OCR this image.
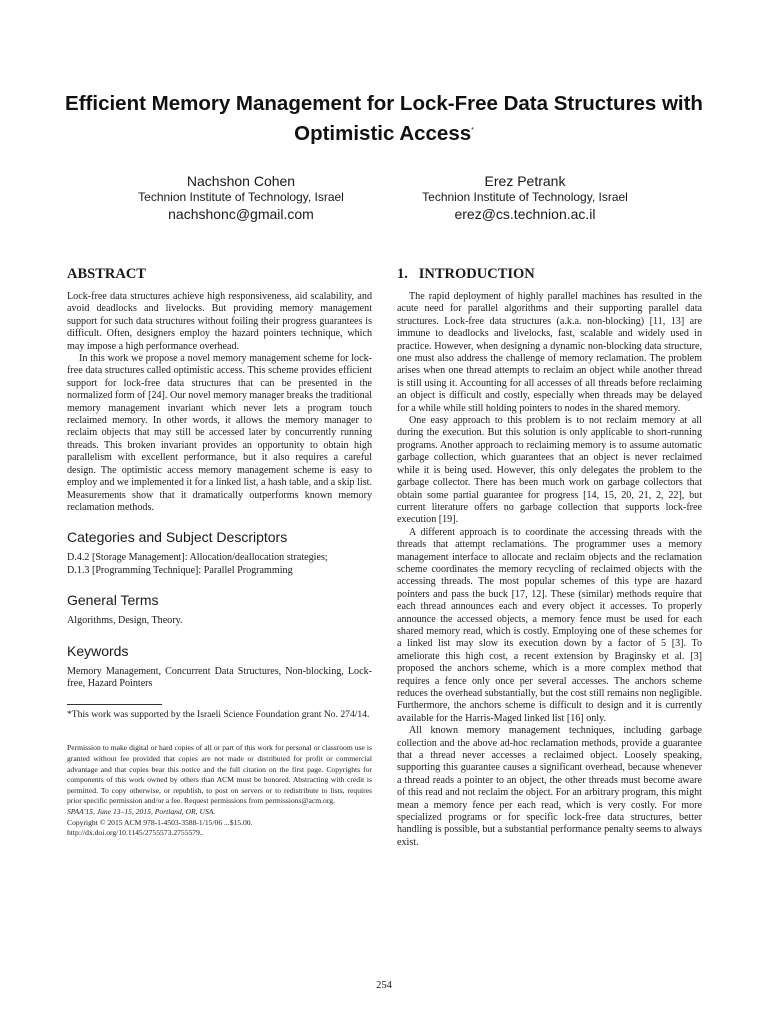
Efficient Memory Management for Lock-Free Data Structures with Optimistic Access*
Nachshon Cohen
Technion Institute of Technology, Israel
nachshonc@gmail.com
Erez Petrank
Technion Institute of Technology, Israel
erez@cs.technion.ac.il
ABSTRACT

Lock-free data structures achieve high responsiveness, aid scalability, and avoid deadlocks and livelocks. But providing memory management support for such data structures without foiling their progress guarantees is difficult. Often, designers employ the hazard pointers technique, which may impose a high performance overhead.

In this work we propose a novel memory management scheme for lock-free data structures called optimistic access. This scheme provides efficient support for lock-free data structures that can be presented in the normalized form of [24]. Our novel memory manager breaks the traditional memory management invariant which never lets a program touch reclaimed memory. In other words, it allows the memory manager to reclaim objects that may still be accessed later by concurrently running threads. This broken invariant provides an opportunity to obtain high parallelism with excellent performance, but it also requires a careful design. The optimistic access memory management scheme is easy to employ and we implemented it for a linked list, a hash table, and a skip list. Measurements show that it dramatically outperforms known memory reclamation methods.

Categories and Subject Descriptors

D.4.2 [Storage Management]: Allocation/deallocation strategies;

D.1.3 [Programming Technique]: Parallel Programming

General Terms

Algorithms, Design, Theory.

Keywords

Memory Management, Concurrent Data Structures, Non-blocking, Lock-free, Hazard Pointers

*This work was supported by the Israeli Science Foundation grant No. 274/14.

Permission to make digital or hard copies of all or part of this work for personal or classroom use is granted without fee provided that copies are not made or distributed for profit or commercial advantage and that copies bear this notice and the full citation on the first page. Copyrights for components of this work owned by others than ACM must be honored. Abstracting with credit is permitted. To copy otherwise, or republish, to post on servers or to redistribute to lists, requires prior specific permission and/or a fee. Request permissions from permissions@acm.org.

SPAA'15, June 13–15, 2015, Portland, OR, USA.

Copyright © 2015 ACM 978-1-4503-3588-1/15/06 ...$15.00.

http://dx.doi.org/10.1145/2755573.2755579..

1.   INTRODUCTION

The rapid deployment of highly parallel machines has resulted in the acute need for parallel algorithms and their supporting parallel data structures. Lock-free data structures (a.k.a. non-blocking) [11, 13] are immune to deadlocks and livelocks, fast, scalable and widely used in practice. However, when designing a dynamic non-blocking data structure, one must also address the challenge of memory reclamation. The problem arises when one thread attempts to reclaim an object while another thread is still using it. Accounting for all accesses of all threads before reclaiming an object is difficult and costly, especially when threads may be delayed for a while while still holding pointers to nodes in the shared memory.

One easy approach to this problem is to not reclaim memory at all during the execution. But this solution is only applicable to short-running programs. Another approach to reclaiming memory is to assume automatic garbage collection, which guarantees that an object is never reclaimed while it is being used. However, this only delegates the problem to the garbage collector. There has been much work on garbage collectors that obtain some partial guarantee for progress [14, 15, 20, 21, 2, 22], but current literature offers no garbage collection that supports lock-free execution [19].

A different approach is to coordinate the accessing threads with the threads that attempt reclamations. The programmer uses a memory management interface to allocate and reclaim objects and the reclamation scheme coordinates the memory recycling of reclaimed objects with the accessing threads. The most popular schemes of this type are hazard pointers and pass the buck [17, 12]. These (similar) methods require that each thread announces each and every object it accesses. To properly announce the accessed objects, a memory fence must be used for each shared memory read, which is costly. Employing one of these schemes for a linked list may slow its execution down by a factor of 5 [3]. To ameliorate this high cost, a recent extension by Braginsky et al. [3] proposed the anchors scheme, which is a more complex method that requires a fence only once per several accesses. The anchors scheme reduces the overhead substantially, but the cost still remains non negligible. Furthermore, the anchors scheme is difficult to design and it is currently available for the Harris-Maged linked list [16] only.

All known memory management techniques, including garbage collection and the above ad-hoc reclamation methods, provide a guarantee that a thread never accesses a reclaimed object. Loosely speaking, supporting this guarantee causes a significant overhead, because whenever a thread reads a pointer to an object, the other threads must become aware of this read and not reclaim the object. For an arbitrary program, this might mean a memory fence per each read, which is very costly. For more specialized programs or for specific lock-free data structures, better handling is possible, but a substantial performance penalty seems to always exist.

254
